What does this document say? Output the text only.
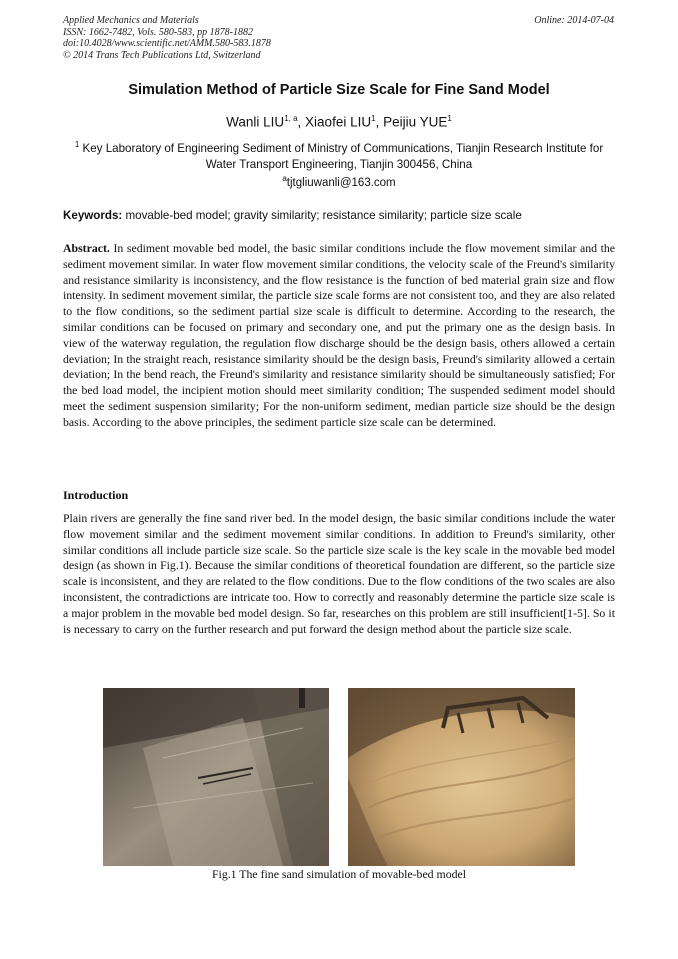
Applied Mechanics and Materials
ISSN: 1662-7482, Vols. 580-583, pp 1878-1882
doi:10.4028/www.scientific.net/AMM.580-583.1878
© 2014 Trans Tech Publications Ltd, Switzerland
Online: 2014-07-04
Simulation Method of Particle Size Scale for Fine Sand Model
Wanli LIU$^{1, a}$, Xiaofei LIU$^1$, Peijiu YUE$^1$
$^1$ Key Laboratory of Engineering Sediment of Ministry of Communications, Tianjin Research Institute for Water Transport Engineering, Tianjin 300456, China
$^a$tjtgliuwanli@163.com
Keywords: movable-bed model; gravity similarity; resistance similarity; particle size scale
Abstract. In sediment movable bed model, the basic similar conditions include the flow movement similar and the sediment movement similar. In water flow movement similar conditions, the velocity scale of the Freund's similarity and resistance similarity is inconsistency, and the flow resistance is the function of bed material grain size and flow intensity. In sediment movement similar, the particle size scale forms are not consistent too, and they are also related to the flow conditions, so the sediment partial size scale is difficult to determine. According to the research, the similar conditions can be focused on primary and secondary one, and put the primary one as the design basis. In view of the waterway regulation, the regulation flow discharge should be the design basis, others allowed a certain deviation; In the straight reach, resistance similarity should be the design basis, Freund's similarity allowed a certain deviation; In the bend reach, the Freund's similarity and resistance similarity should be simultaneously satisfied; For the bed load model, the incipient motion should meet similarity condition; The suspended sediment model should meet the sediment suspension similarity; For the non-uniform sediment, median particle size should be the design basis. According to the above principles, the sediment particle size scale can be determined.
Introduction
Plain rivers are generally the fine sand river bed. In the model design, the basic similar conditions include the water flow movement similar and the sediment movement similar conditions. In addition to Freund's similarity, other similar conditions all include particle size scale. So the particle size scale is the key scale in the movable bed model design (as shown in Fig.1). Because the similar conditions of theoretical foundation are different, so the particle size scale is inconsistent, and they are related to the flow conditions. Due to the flow conditions of the two scales are also inconsistent, the contradictions are intricate too. How to correctly and reasonably determine the particle size scale is a major problem in the movable bed model design. So far, researches on this problem are still insufficient[1-5]. So it is necessary to carry on the further research and put forward the design method about the particle size scale.
Fig.1 The fine sand simulation of movable-bed model
